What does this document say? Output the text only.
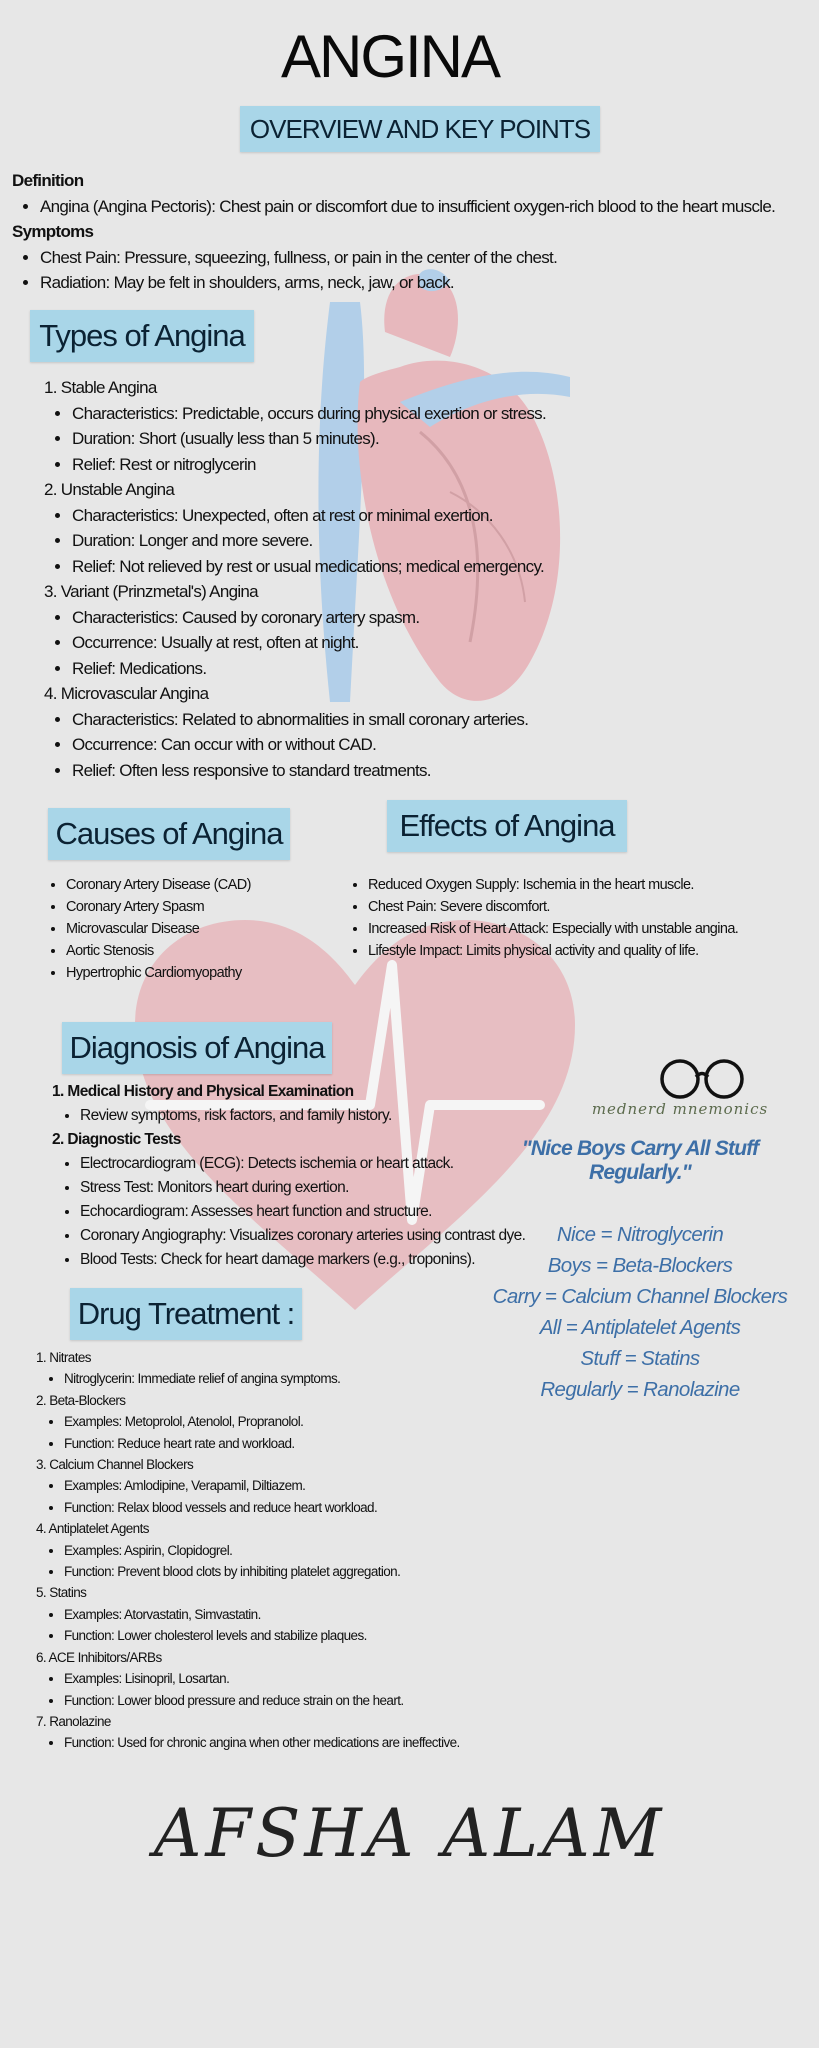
ANGINA
OVERVIEW AND KEY POINTS
Definition
• Angina (Angina Pectoris): Chest pain or discomfort due to insufficient oxygen-rich blood to the heart muscle.
Symptoms
• Chest Pain: Pressure, squeezing, fullness, or pain in the center of the chest.
• Radiation: May be felt in shoulders, arms, neck, jaw, or back.
Types of Angina
1. Stable Angina
• Characteristics: Predictable, occurs during physical exertion or stress.
• Duration: Short (usually less than 5 minutes).
• Relief: Rest or nitroglycerin
2. Unstable Angina
• Characteristics: Unexpected, often at rest or minimal exertion.
• Duration: Longer and more severe.
• Relief: Not relieved by rest or usual medications; medical emergency.
3. Variant (Prinzmetal's) Angina
• Characteristics: Caused by coronary artery spasm.
• Occurrence: Usually at rest, often at night.
• Relief: Medications.
4. Microvascular Angina
• Characteristics: Related to abnormalities in small coronary arteries.
• Occurrence: Can occur with or without CAD.
• Relief: Often less responsive to standard treatments.
Causes of Angina
• Coronary Artery Disease (CAD)
• Coronary Artery Spasm
• Microvascular Disease
• Aortic Stenosis
• Hypertrophic Cardiomyopathy
Effects of Angina
• Reduced Oxygen Supply: Ischemia in the heart muscle.
• Chest Pain: Severe discomfort.
• Increased Risk of Heart Attack: Especially with unstable angina.
• Lifestyle Impact: Limits physical activity and quality of life.
Diagnosis of Angina
1. Medical History and Physical Examination
• Review symptoms, risk factors, and family history.
2. Diagnostic Tests
• Electrocardiogram (ECG): Detects ischemia or heart attack.
• Stress Test: Monitors heart during exertion.
• Echocardiogram: Assesses heart function and structure.
• Coronary Angiography: Visualizes coronary arteries using contrast dye.
• Blood Tests: Check for heart damage markers (e.g., troponins).
mednerd mnemonics
"Nice Boys Carry All Stuff Regularly."
Nice = Nitroglycerin
Boys = Beta-Blockers
Carry = Calcium Channel Blockers
All = Antiplatelet Agents
Stuff = Statins
Regularly = Ranolazine
Drug Treatment :
1. Nitrates
• Nitroglycerin: Immediate relief of angina symptoms.
2. Beta-Blockers
• Examples: Metoprolol, Atenolol, Propranolol.
• Function: Reduce heart rate and workload.
3. Calcium Channel Blockers
• Examples: Amlodipine, Verapamil, Diltiazem.
• Function: Relax blood vessels and reduce heart workload.
4. Antiplatelet Agents
• Examples: Aspirin, Clopidogrel.
• Function: Prevent blood clots by inhibiting platelet aggregation.
5. Statins
• Examples: Atorvastatin, Simvastatin.
• Function: Lower cholesterol levels and stabilize plaques.
6. ACE Inhibitors/ARBs
• Examples: Lisinopril, Losartan.
• Function: Lower blood pressure and reduce strain on the heart.
7. Ranolazine
• Function: Used for chronic angina when other medications are ineffective.
AFSHA ALAM
